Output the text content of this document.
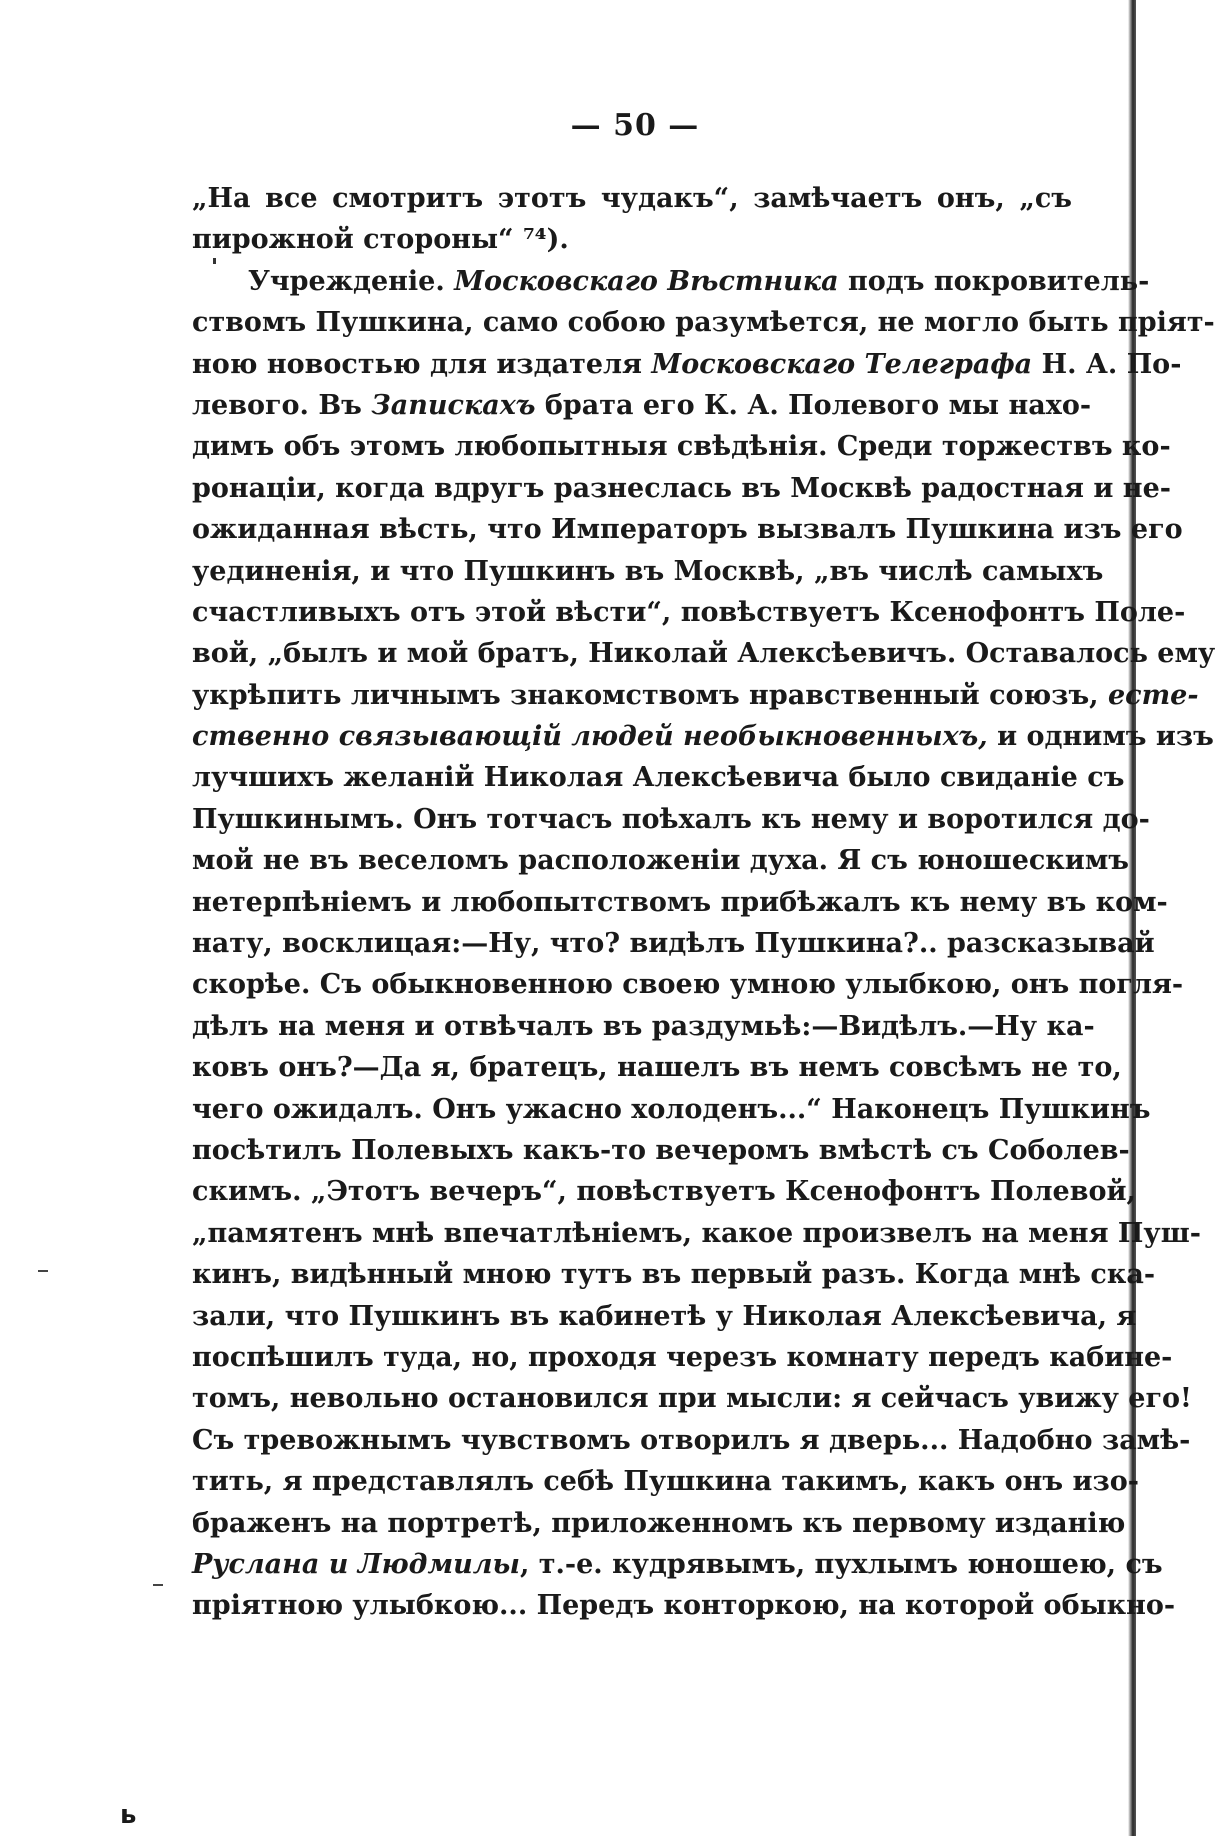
— 50 —
„На все смотритъ этотъ чудакъ“, замѣчаетъ онъ, „съ
пирожной стороны“ ⁷⁴).
Учрежденіе. Московскаго Вѣстника подъ покровитель-
ствомъ Пушкина, само собою разумѣется, не могло быть пріят-
ною новостью для издателя Московскаго Телеграфа Н. А. По-
левого. Въ Запискахъ брата его К. А. Полевого мы нахо-
димъ объ этомъ любопытныя свѣдѣнія. Среди торжествъ ко-
ронаціи, когда вдругъ разнеслась въ Москвѣ радостная и не-
ожиданная вѣсть, что Императоръ вызвалъ Пушкина изъ его
уединенія, и что Пушкинъ въ Москвѣ, „въ числѣ самыхъ
счастливыхъ отъ этой вѣсти“, повѣствуетъ Ксенофонтъ Поле-
вой, „былъ и мой братъ, Николай Алексѣевичъ. Оставалось ему
укрѣпить личнымъ знакомствомъ нравственный союзъ, есте-
ственно связывающій людей необыкновенныхъ, и однимъ изъ
лучшихъ желаній Николая Алексѣевича было свиданіе съ
Пушкинымъ. Онъ тотчасъ поѣхалъ къ нему и воротился до-
мой не въ веселомъ расположеніи духа. Я съ юношескимъ
нетерпѣніемъ и любопытствомъ прибѣжалъ къ нему въ ком-
нату, восклицая:—Ну, что? видѣлъ Пушкина?.. разсказывай
скорѣе. Съ обыкновенною своею умною улыбкою, онъ погля-
дѣлъ на меня и отвѣчалъ въ раздумьѣ:—Видѣлъ.—Ну ка-
ковъ онъ?—Да я, братецъ, нашелъ въ немъ совсѣмъ не то,
чего ожидалъ. Онъ ужасно холоденъ...“ Наконецъ Пушкинъ
посѣтилъ Полевыхъ какъ-то вечеромъ вмѣстѣ съ Соболев-
скимъ. „Этотъ вечеръ“, повѣствуетъ Ксенофонтъ Полевой,
„памятенъ мнѣ впечатлѣніемъ, какое произвелъ на меня Пуш-
кинъ, видѣнный мною тутъ въ первый разъ. Когда мнѣ ска-
зали, что Пушкинъ въ кабинетѣ у Николая Алексѣевича, я
поспѣшилъ туда, но, проходя черезъ комнату передъ кабине-
томъ, невольно остановился при мысли: я сейчасъ увижу его!
Съ тревожнымъ чувствомъ отворилъ я дверь... Надобно замѣ-
тить, я представлялъ себѣ Пушкина такимъ, какъ онъ изо-
браженъ на портретѣ, приложенномъ къ первому изданію
Руслана и Людмилы, т.-е. кудрявымъ, пухлымъ юношею, съ
пріятною улыбкою... Передъ конторкою, на которой обыкно-
ь
